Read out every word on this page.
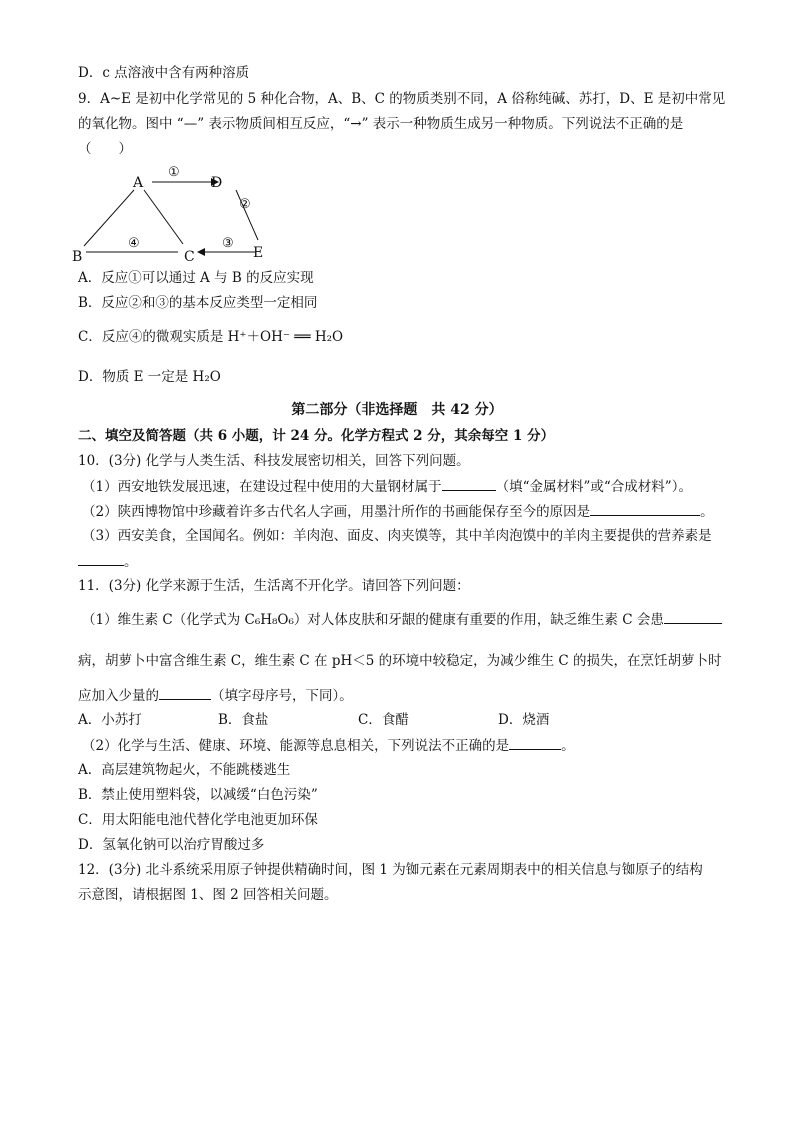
D．c 点溶液中含有两种溶质
9．A~E 是初中化学常见的 5 种化合物，A、B、C 的物质类别不同，A 俗称纯碱、苏打，D、E 是初中常见
的氧化物。图中 “—” 表示物质间相互反应，“→” 表示一种物质生成另一种物质。下列说法不正确的是
（　　）
A	D
E
C
B
①
②
③
④
A．反应①可以通过 A 与 B 的反应实现
B．反应②和③的基本反应类型一定相同
C．反应④的微观实质是 H⁺＋OH⁻ ══ H₂O
D．物质 E 一定是 H₂O
第二部分（非选择题　共 42 分）
二、填空及简答题（共 6 小题，计 24 分。化学方程式 2 分，其余每空 1 分）
10．(3分) 化学与人类生活、科技发展密切相关，回答下列问题。
（1）西安地铁发展迅速，在建设过程中使用的大量钢材属于	（填“金属材料”或“合成材料”）。
（2）陕西博物馆中珍藏着许多古代名人字画，用墨汁所作的书画能保存至今的原因是	。
（3）西安美食，全国闻名。例如：羊肉泡、面皮、肉夹馍等，其中羊肉泡馍中的羊肉主要提供的营养素是
。
11．(3分) 化学来源于生活，生活离不开化学。请回答下列问题：
（1）维生素 C（化学式为 C₆H₈O₆）对人体皮肤和牙龈的健康有重要的作用，缺乏维生素 C 会患
病，胡萝卜中富含维生素 C，维生素 C 在 pH＜5 的环境中较稳定，为减少维生 C 的损失，在烹饪胡萝卜时
应加入少量的	（填字母序号，下同）。
A．小苏打	B．食盐	C．食醋	D．烧酒
（2）化学与生活、健康、环境、能源等息息相关，下列说法不正确的是	。
A．高层建筑物起火，不能跳楼逃生
B．禁止使用塑料袋，以减缓“白色污染”
C．用太阳能电池代替化学电池更加环保
D．氢氧化钠可以治疗胃酸过多
12．(3分) 北斗系统采用原子钟提供精确时间，图 1 为铷元素在元素周期表中的相关信息与铷原子的结构
示意图，请根据图 1、图 2 回答相关问题。
